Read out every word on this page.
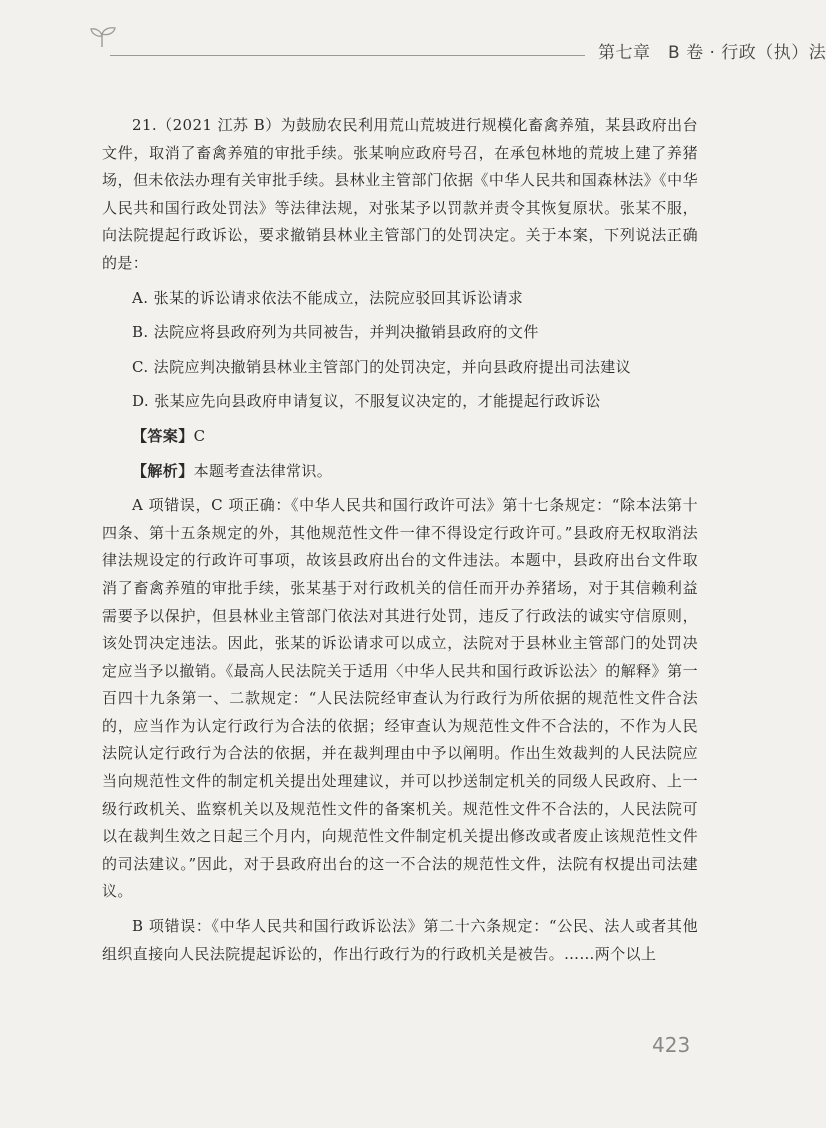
第七章　B 卷 · 行政（执）法

21.（2021 江苏 B）为鼓励农民利用荒山荒坡进行规模化畜禽养殖，某县政府出台文件，取消了畜禽养殖的审批手续。张某响应政府号召，在承包林地的荒坡上建了养猪场，但未依法办理有关审批手续。县林业主管部门依据《中华人民共和国森林法》《中华人民共和国行政处罚法》等法律法规，对张某予以罚款并责令其恢复原状。张某不服，向法院提起行政诉讼，要求撤销县林业主管部门的处罚决定。关于本案，下列说法正确的是：

A. 张某的诉讼请求依法不能成立，法院应驳回其诉讼请求

B. 法院应将县政府列为共同被告，并判决撤销县政府的文件

C. 法院应判决撤销县林业主管部门的处罚决定，并向县政府提出司法建议

D. 张某应先向县政府申请复议，不服复议决定的，才能提起行政诉讼

【答案】C

【解析】本题考查法律常识。

A 项错误，C 项正确：《中华人民共和国行政许可法》第十七条规定：“除本法第十四条、第十五条规定的外，其他规范性文件一律不得设定行政许可。”县政府无权取消法律法规设定的行政许可事项，故该县政府出台的文件违法。本题中，县政府出台文件取消了畜禽养殖的审批手续，张某基于对行政机关的信任而开办养猪场，对于其信赖利益需要予以保护，但县林业主管部门依法对其进行处罚，违反了行政法的诚实守信原则，该处罚决定违法。因此，张某的诉讼请求可以成立，法院对于县林业主管部门的处罚决定应当予以撤销。《最高人民法院关于适用〈中华人民共和国行政诉讼法〉的解释》第一百四十九条第一、二款规定：“人民法院经审查认为行政行为所依据的规范性文件合法的，应当作为认定行政行为合法的依据；经审查认为规范性文件不合法的，不作为人民法院认定行政行为合法的依据，并在裁判理由中予以阐明。作出生效裁判的人民法院应当向规范性文件的制定机关提出处理建议，并可以抄送制定机关的同级人民政府、上一级行政机关、监察机关以及规范性文件的备案机关。规范性文件不合法的，人民法院可以在裁判生效之日起三个月内，向规范性文件制定机关提出修改或者废止该规范性文件的司法建议。”因此，对于县政府出台的这一不合法的规范性文件，法院有权提出司法建议。

B 项错误：《中华人民共和国行政诉讼法》第二十六条规定：“公民、法人或者其他组织直接向人民法院提起诉讼的，作出行政行为的行政机关是被告。……两个以上

423
